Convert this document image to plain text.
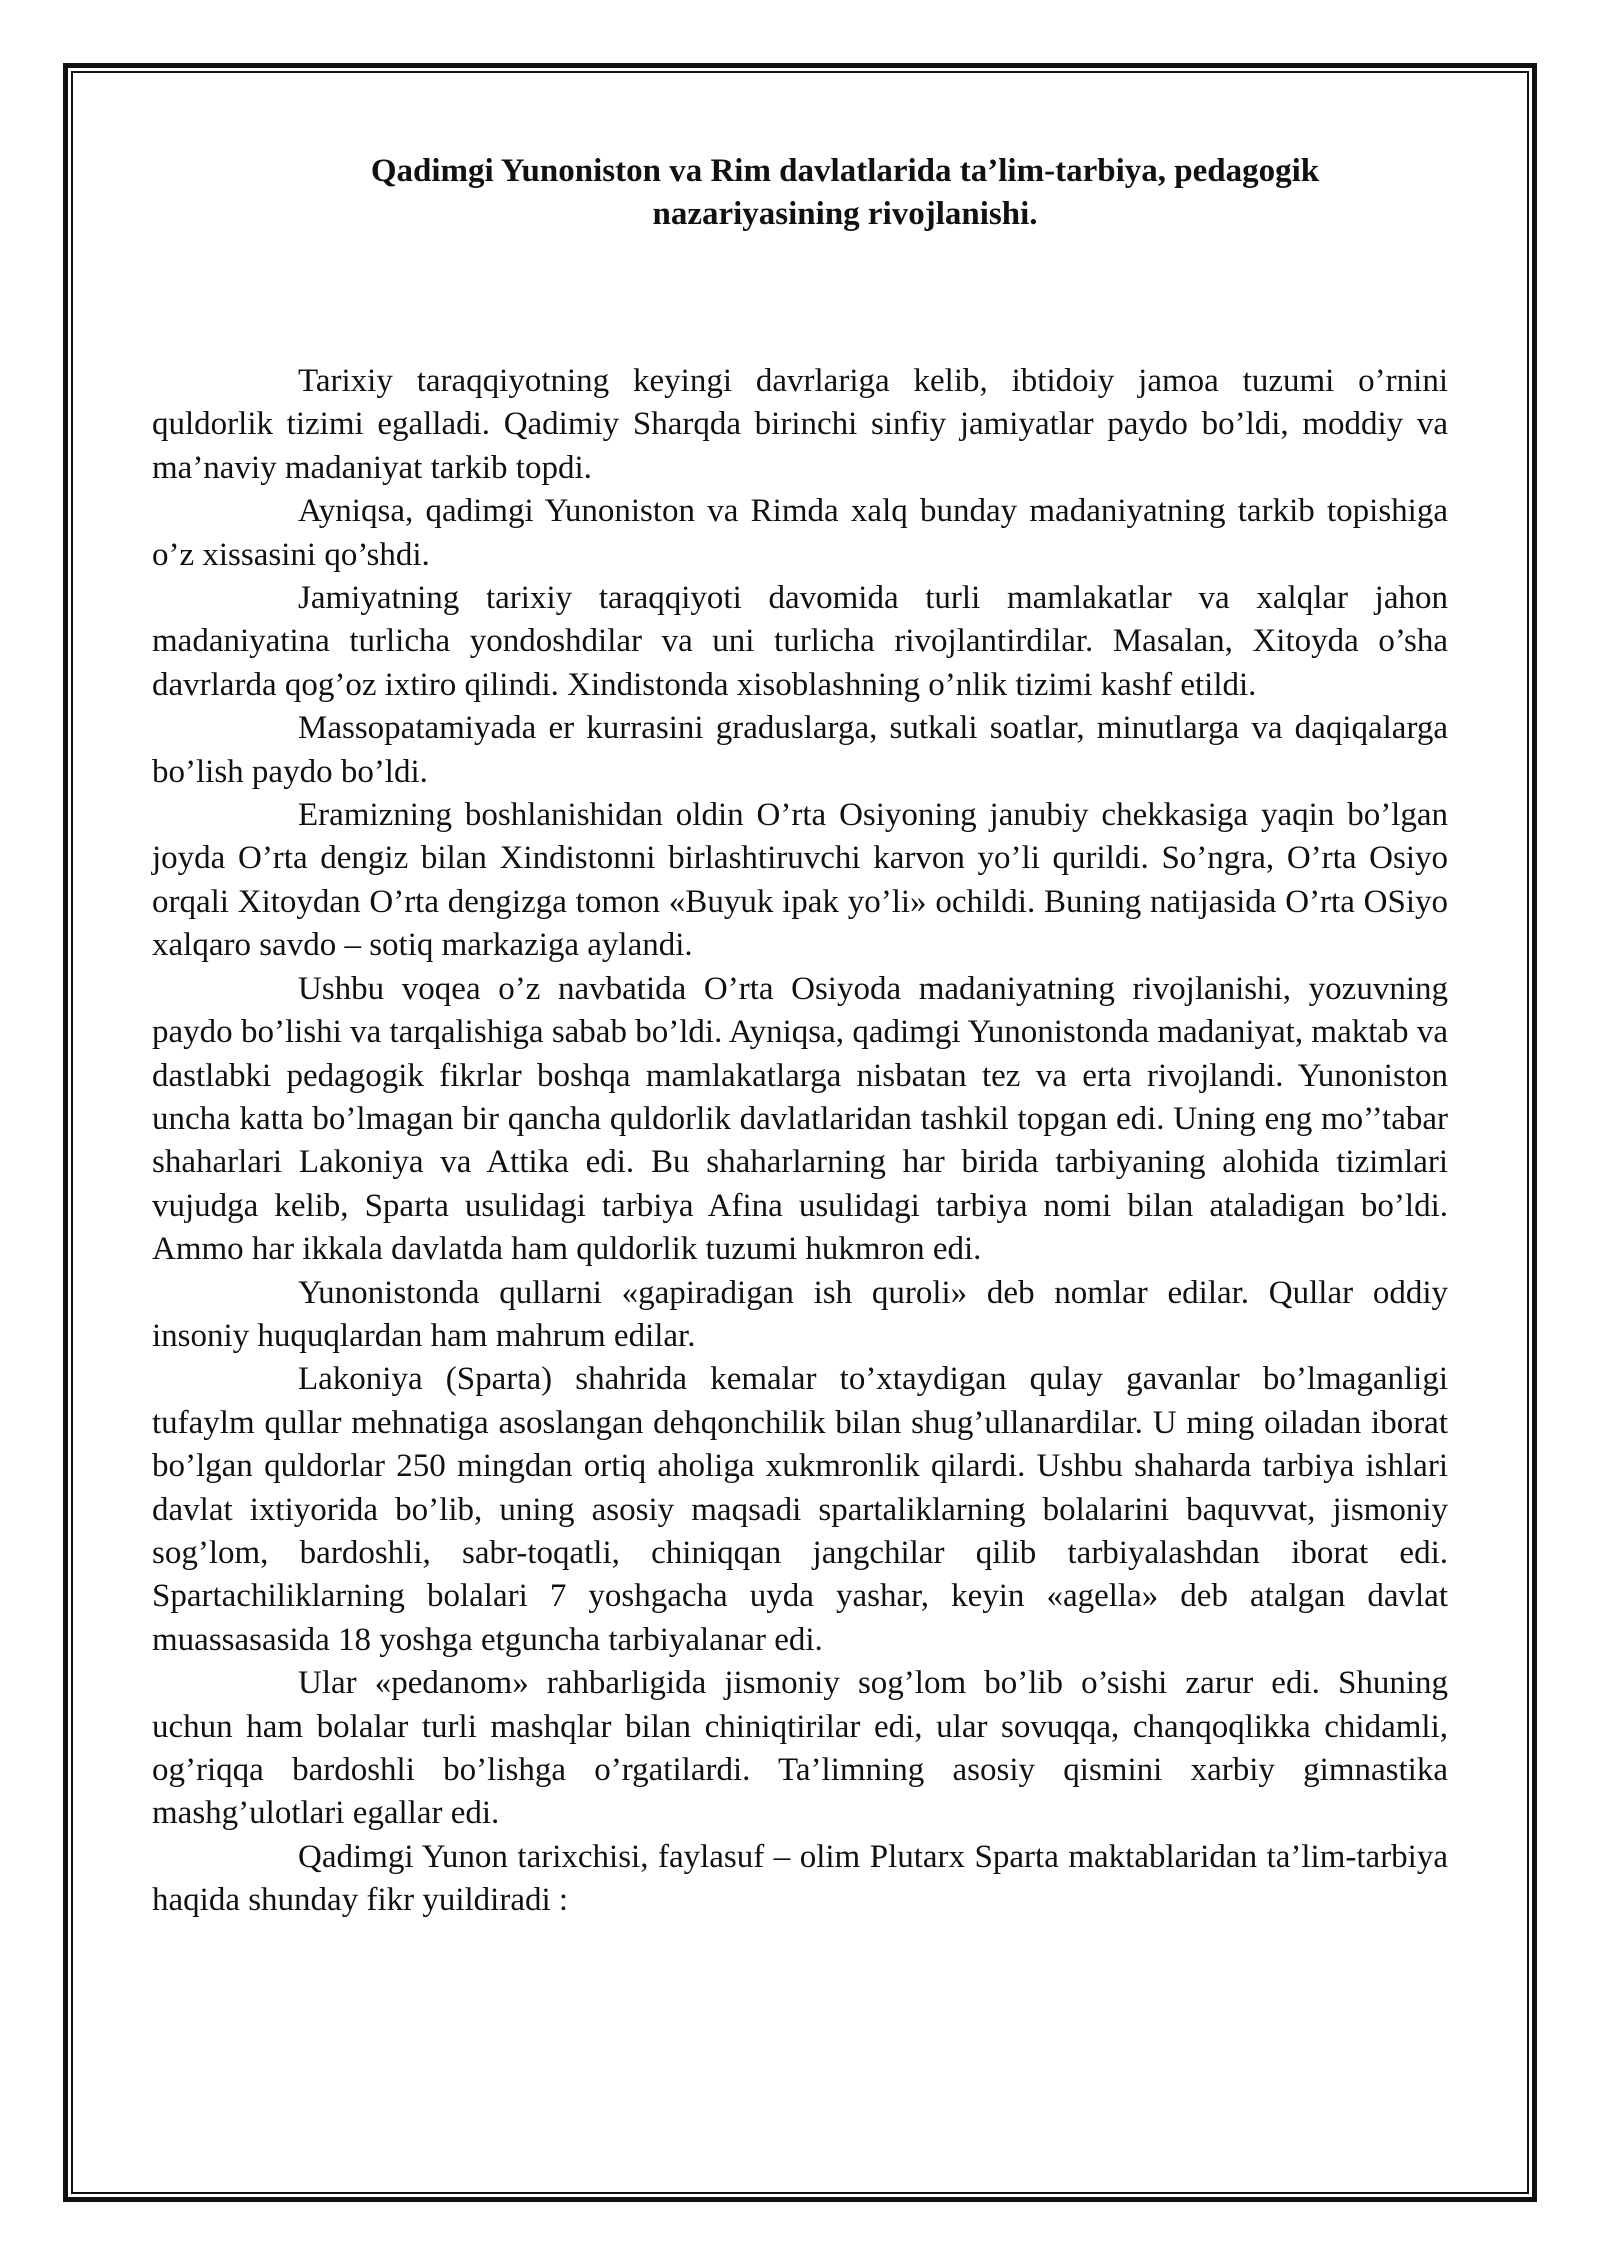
Qadimgi Yunoniston va Rim davlatlarida ta’lim-tarbiya, pedagogik
nazariyasining rivojlanishi.

Tarixiy taraqqiyotning keyingi davrlariga kelib, ibtidoiy jamoa tuzumi o’rnini quldorlik tizimi egalladi. Qadimiy Sharqda birinchi sinfiy jamiyatlar paydo bo’ldi, moddiy va ma’naviy madaniyat tarkib topdi.

Ayniqsa, qadimgi Yunoniston va Rimda xalq bunday madaniyatning tarkib topishiga o’z xissasini qo’shdi.

Jamiyatning tarixiy taraqqiyoti davomida turli mamlakatlar va xalqlar jahon madaniyatina turlicha yondoshdilar va uni turlicha rivojlantirdilar. Masalan, Xitoyda o’sha davrlarda qog’oz ixtiro qilindi. Xindistonda xisoblashning o’nlik tizimi kashf etildi.

Massopatamiyada er kurrasini graduslarga, sutkali soatlar, minutlarga va daqiqalarga bo’lish paydo bo’ldi.

Eramizning boshlanishidan oldin O’rta Osiyoning janubiy chekkasiga yaqin bo’lgan joyda O’rta dengiz bilan Xindistonni birlashtiruvchi karvon yo’li qurildi. So’ngra, O’rta Osiyo orqali Xitoydan O’rta dengizga tomon «Buyuk ipak yo’li» ochildi. Buning natijasida O’rta OSiyo xalqaro savdo – sotiq markaziga aylandi.

Ushbu voqea o’z navbatida O’rta Osiyoda madaniyatning rivojlanishi, yozuvning paydo bo’lishi va tarqalishiga sabab bo’ldi. Ayniqsa, qadimgi Yunonistonda madaniyat, maktab va dastlabki pedagogik fikrlar boshqa mamlakatlarga nisbatan tez va erta rivojlandi. Yunoniston uncha katta bo’lmagan bir qancha quldorlik davlatlaridan tashkil topgan edi. Uning eng mo’’tabar shaharlari Lakoniya va Attika edi. Bu shaharlarning har birida tarbiyaning alohida tizimlari vujudga kelib, Sparta usulidagi tarbiya Afina usulidagi tarbiya nomi bilan ataladigan bo’ldi. Ammo har ikkala davlatda ham quldorlik tuzumi hukmron edi.

Yunonistonda qullarni «gapiradigan ish quroli» deb nomlar edilar. Qullar oddiy insoniy huquqlardan ham mahrum edilar.

Lakoniya (Sparta) shahrida kemalar to’xtaydigan qulay gavanlar bo’lmaganligi tufaylm qullar mehnatiga asoslangan dehqonchilik bilan shug’ullanardilar. U ming oiladan iborat bo’lgan quldorlar 250 mingdan ortiq aholiga xukmronlik qilardi. Ushbu shaharda tarbiya ishlari davlat ixtiyorida bo’lib, uning asosiy maqsadi spartaliklarning bolalarini baquvvat, jismoniy sog’lom, bardoshli, sabr-toqatli, chiniqqan jangchilar qilib tarbiyalashdan iborat edi. Spartachiliklarning bolalari 7 yoshgacha uyda yashar, keyin «agella» deb atalgan davlat muassasasida 18 yoshga etguncha tarbiyalanar edi.

Ular «pedanom» rahbarligida jismoniy sog’lom bo’lib o’sishi zarur edi. Shuning uchun ham bolalar turli mashqlar bilan chiniqtirilar edi, ular sovuqqa, chanqoqlikka chidamli, og’riqqa bardoshli bo’lishga o’rgatilardi. Ta’limning asosiy qismini xarbiy gimnastika mashg’ulotlari egallar edi.

Qadimgi Yunon tarixchisi, faylasuf – olim Plutarx Sparta maktablaridan ta’lim-tarbiya haqida shunday fikr yuildiradi :
